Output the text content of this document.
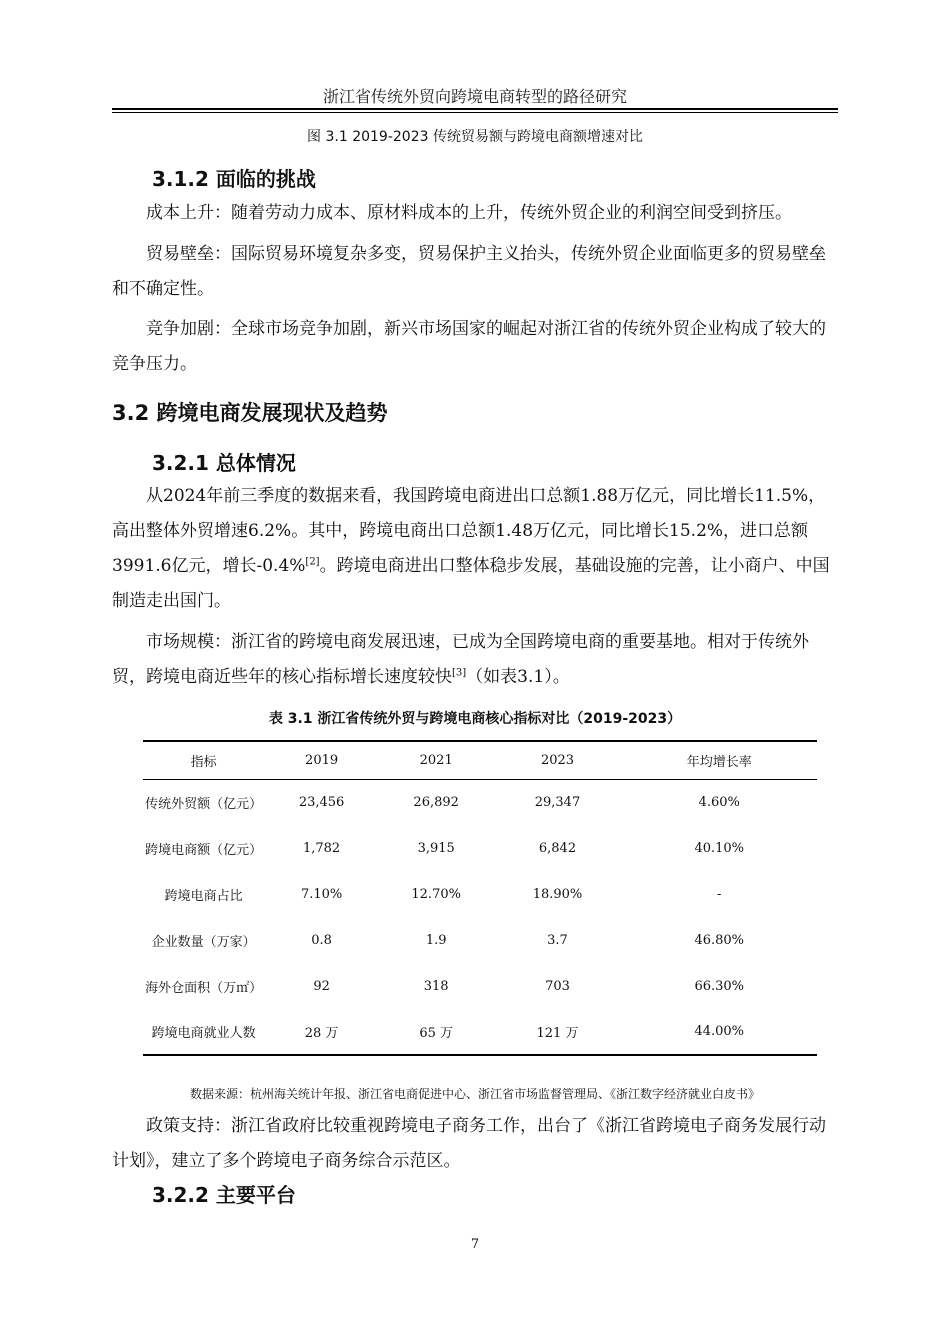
浙江省传统外贸向跨境电商转型的路径研究
图 3.1 2019-2023 传统贸易额与跨境电商额增速对比
3.1.2 面临的挑战

成本上升：随着劳动力成本、原材料成本的上升，传统外贸企业的利润空间受到挤压。

贸易壁垒：国际贸易环境复杂多变，贸易保护主义抬头，传统外贸企业面临更多的贸易壁垒和不确定性。

竞争加剧：全球市场竞争加剧，新兴市场国家的崛起对浙江省的传统外贸企业构成了较大的竞争压力。

3.2 跨境电商发展现状及趋势
3.2.1 总体情况

从2024年前三季度的数据来看，我国跨境电商进出口总额1.88万亿元，同比增长11.5%，高出整体外贸增速6.2%。其中，跨境电商出口总额1.48万亿元，同比增长15.2%，进口总额3991.6亿元，增长-0.4%[2]。跨境电商进出口整体稳步发展，基础设施的完善，让小商户、中国制造走出国门。

市场规模：浙江省的跨境电商发展迅速，已成为全国跨境电商的重要基地。相对于传统外贸，跨境电商近些年的核心指标增长速度较快[3]（如表3.1）。

表 3.1 浙江省传统外贸与跨境电商核心指标对比（2019-2023）
指标	2019	2021	2023	年均增长率
传统外贸额（亿元）	23,456	26,892	29,347	4.60%
跨境电商额（亿元）	1,782	3,915	6,842	40.10%
跨境电商占比	7.10%	12.70%	18.90%	-
企业数量（万家）	0.8	1.9	3.7	46.80%
海外仓面积（万㎡）	92	318	703	66.30%
跨境电商就业人数	28 万	65 万	121 万	44.00%
数据来源：杭州海关统计年报、浙江省电商促进中心、浙江省市场监督管理局、《浙江数字经济就业白皮书》

政策支持：浙江省政府比较重视跨境电子商务工作，出台了《浙江省跨境电子商务发展行动计划》，建立了多个跨境电子商务综合示范区。

3.2.2 主要平台
7
